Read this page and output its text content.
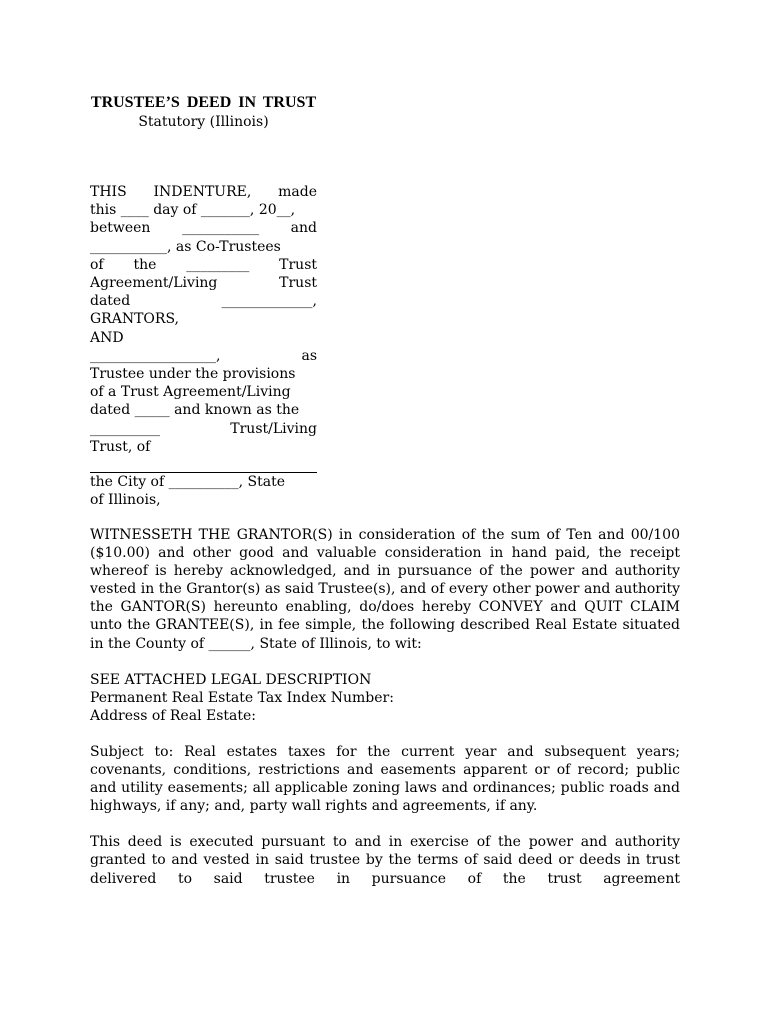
TRUSTEE’S DEED IN TRUST
Statutory (Illinois)
THIS INDENTURE, made
this ____ day of _______, 20__,
between ___________ and
___________, as Co-Trustees
of the _________ Trust
Agreement/Living	Trust
dated	_____________,
GRANTORS,
AND
__________________,	as
Trustee under the provisions
of a Trust Agreement/Living
dated _____ and known as the
__________	Trust/Living
Trust, of
the City of __________, State
of Illinois,

WITNESSETH THE GRANTOR(S) in consideration of the sum of Ten and 00/100 ($10.00) and other good and valuable consideration in hand paid, the receipt whereof is hereby acknowledged, and in pursuance of the power and authority vested in the Grantor(s) as said Trustee(s), and of every other power and authority the GANTOR(S) hereunto enabling, do/does hereby CONVEY and QUIT CLAIM unto the GRANTEE(S), in fee simple, the following described Real Estate situated in the County of ______, State of Illinois, to wit:

SEE ATTACHED LEGAL DESCRIPTION

Permanent Real Estate Tax Index Number:

Address of Real Estate:

Subject to: Real estates taxes for the current year and subsequent years; covenants, conditions, restrictions and easements apparent or of record; public and utility easements; all applicable zoning laws and ordinances; public roads and highways, if any; and, party wall rights and agreements, if any.

This deed is executed pursuant to and in exercise of the power and authority granted to and vested in said trustee by the terms of said deed or deeds in trust delivered to said trustee in pursuance of the trust agreement
